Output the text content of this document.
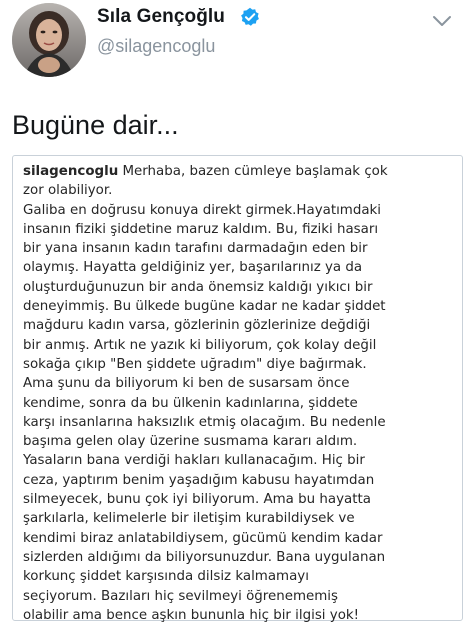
Sıla Gençoğlu
@silagencoglu
Bugüne dair...

silagencoglu Merhaba, bazen cümleye başlamak çok
zor olabiliyor.
Galiba en doğrusu konuya direkt girmek.Hayatımdaki
insanın fiziki şiddetine maruz kaldım. Bu, fiziki hasarı
bir yana insanın kadın tarafını darmadağın eden bir
olaymış. Hayatta geldiğiniz yer, başarılarınız ya da
oluşturduğunuzun bir anda önemsiz kaldığı yıkıcı bir
deneyimmiş. Bu ülkede bugüne kadar ne kadar şiddet
mağduru kadın varsa, gözlerinin gözlerinize değdiği
bir anmış. Artık ne yazık ki biliyorum, çok kolay değil
sokağa çıkıp "Ben şiddete uğradım" diye bağırmak.
Ama şunu da biliyorum ki ben de susarsam önce
kendime, sonra da bu ülkenin kadınlarına, şiddete
karşı insanlarına haksızlık etmiş olacağım. Bu nedenle
başıma gelen olay üzerine susmama kararı aldım.
Yasaların bana verdiği hakları kullanacağım. Hiç bir
ceza, yaptırım benim yaşadığım kabusu hayatımdan
silmeyecek, bunu çok iyi biliyorum. Ama bu hayatta
şarkılarla, kelimelerle bir iletişim kurabildiysek ve
kendimi biraz anlatabildiysem, gücümü kendim kadar
sizlerden aldığımı da biliyorsunuzdur. Bana uygulanan
korkunç şiddet karşısında dilsiz kalmamayı
seçiyorum. Bazıları hiç sevilmeyi öğrenememiş
olabilir ama bence aşkın bununla hiç bir ilgisi yok!
